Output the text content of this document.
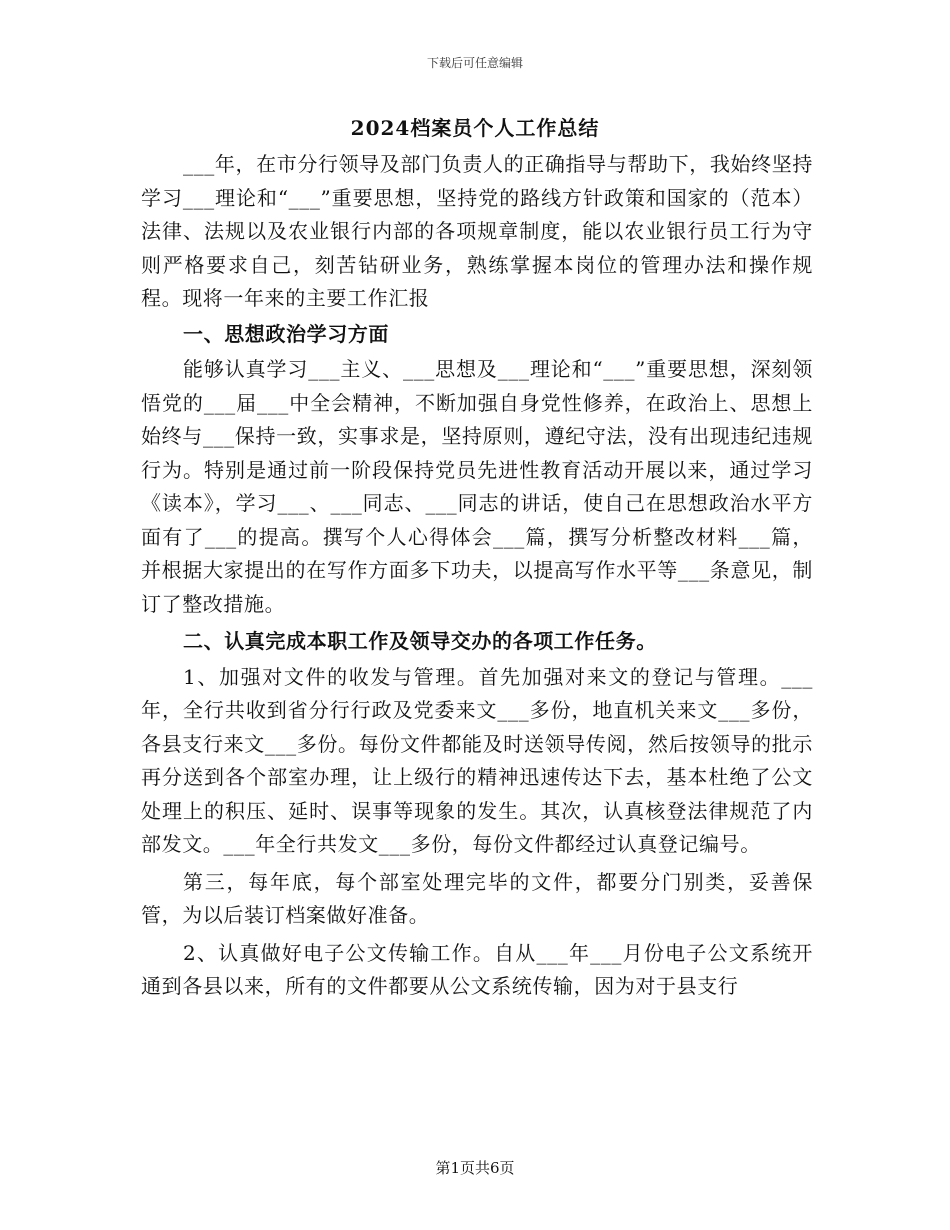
下载后可任意编辑
2024档案员个人工作总结

___年，在市分行领导及部门负责人的正确指导与帮助下，我始终坚持学习___理论和“___”重要思想，坚持党的路线方针政策和国家的（范本）法律、法规以及农业银行内部的各项规章制度，能以农业银行员工行为守则严格要求自己，刻苦钻研业务，熟练掌握本岗位的管理办法和操作规程。现将一年来的主要工作汇报

一、思想政治学习方面

能够认真学习___主义、___思想及___理论和“___”重要思想，深刻领悟党的___届___中全会精神，不断加强自身党性修养，在政治上、思想上始终与___保持一致，实事求是，坚持原则，遵纪守法，没有出现违纪违规行为。特别是通过前一阶段保持党员先进性教育活动开展以来，通过学习《读本》，学习___、___同志、___同志的讲话，使自己在思想政治水平方面有了___的提高。撰写个人心得体会___篇，撰写分析整改材料___篇，并根据大家提出的在写作方面多下功夫，以提高写作水平等___条意见，制订了整改措施。

二、认真完成本职工作及领导交办的各项工作任务。

1、加强对文件的收发与管理。首先加强对来文的登记与管理。___年，全行共收到省分行行政及党委来文___多份，地直机关来文___多份，各县支行来文___多份。每份文件都能及时送领导传阅，然后按领导的批示再分送到各个部室办理，让上级行的精神迅速传达下去，基本杜绝了公文处理上的积压、延时、误事等现象的发生。其次，认真核登法律规范了内部发文。___年全行共发文___多份，每份文件都经过认真登记编号。

第三，每年底，每个部室处理完毕的文件，都要分门别类，妥善保管，为以后装订档案做好准备。

2、认真做好电子公文传输工作。自从___年___月份电子公文系统开通到各县以来，所有的文件都要从公文系统传输，因为对于县支行

第1页共6页
